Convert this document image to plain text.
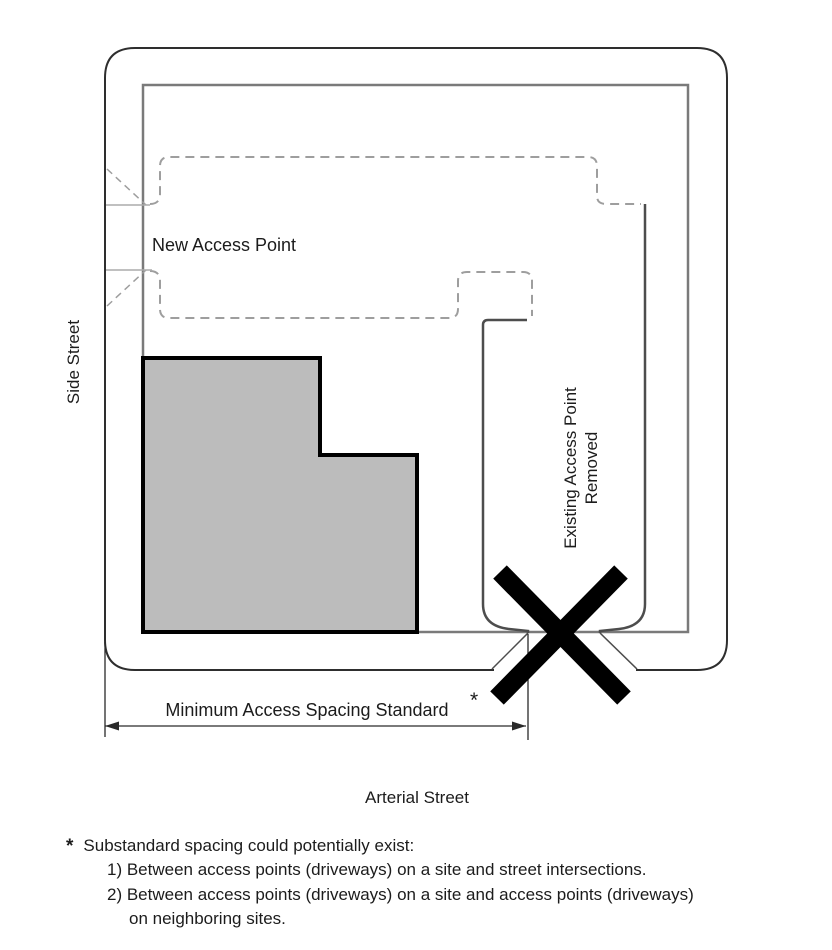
New Access Point
Existing Access Point Removed
Side Street
Minimum Access Spacing Standard *
Arterial Street
* Substandard spacing could potentially exist:
1) Between access points (driveways) on a site and street intersections.
2) Between access points (driveways) on a site and access points (driveways)
on neighboring sites.
